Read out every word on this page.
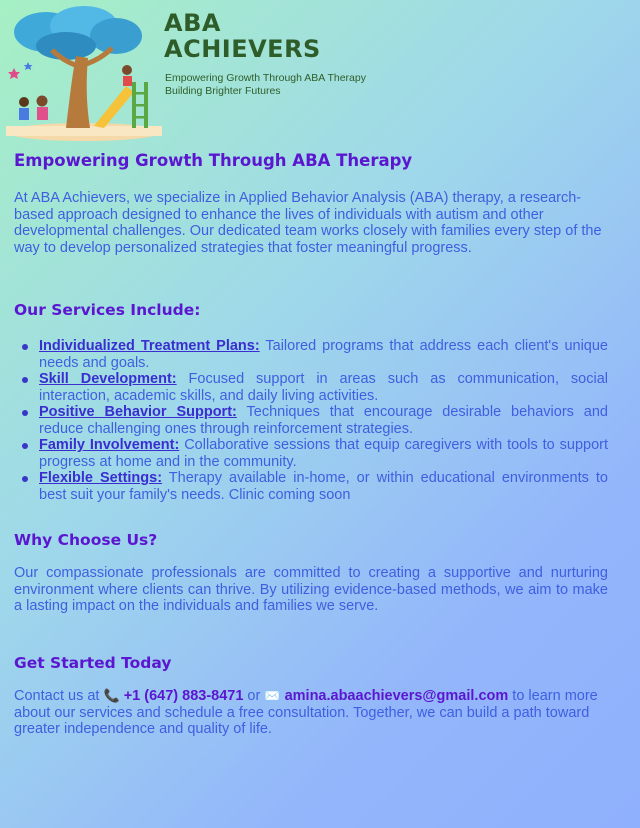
ABA
ACHIEVERS
Empowering Growth Through ABA Therapy
Building Brighter Futures
Empowering Growth Through ABA Therapy

At ABA Achievers, we specialize in Applied Behavior Analysis (ABA) therapy, a research-based approach designed to enhance the lives of individuals with autism and other developmental challenges. Our dedicated team works closely with families every step of the way to develop personalized strategies that foster meaningful progress.

Our Services Include:
Individualized Treatment Plans: Tailored programs that address each client's unique needs and goals.
Skill Development: Focused support in areas such as communication, social interaction, academic skills, and daily living activities.
Positive Behavior Support: Techniques that encourage desirable behaviors and reduce challenging ones through reinforcement strategies.
Family Involvement: Collaborative sessions that equip caregivers with tools to support progress at home and in the community.
Flexible Settings: Therapy available in-home, or within educational environments to best suit your family's needs. Clinic coming soon
Why Choose Us?

Our compassionate professionals are committed to creating a supportive and nurturing environment where clients can thrive. By utilizing evidence-based methods, we aim to make a lasting impact on the individuals and families we serve.

Get Started Today

Contact us at 📞 +1 (647) 883-8471 or ✉️ amina.abaachievers@gmail.com to learn more about our services and schedule a free consultation. Together, we can build a path toward greater independence and quality of life.
